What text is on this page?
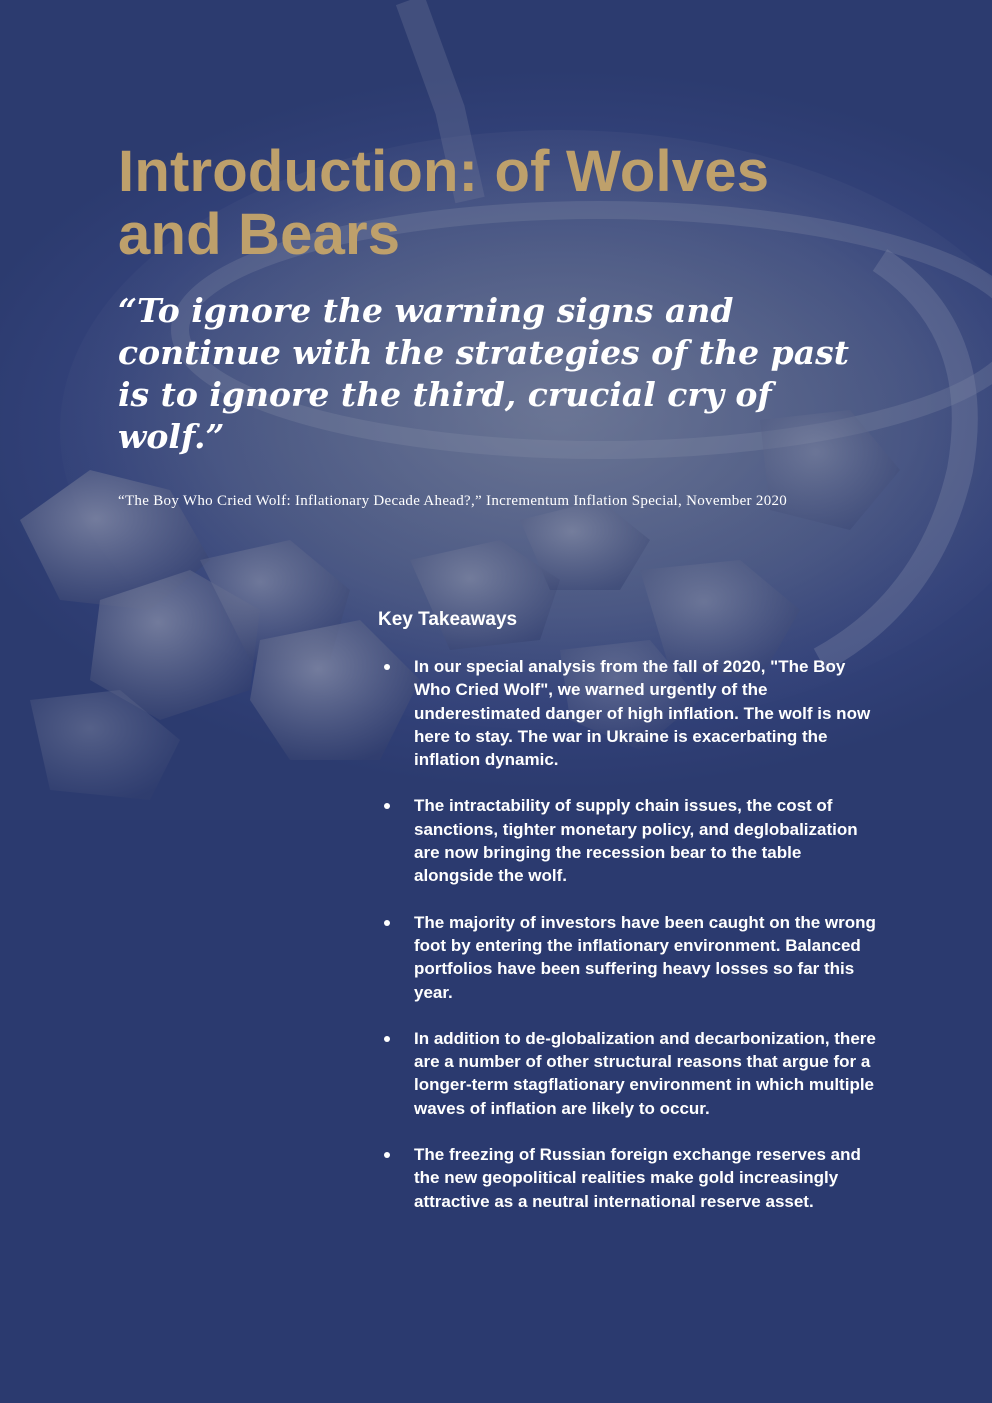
Introduction: of Wolves and Bears

“To ignore the warning signs and continue with the strategies of the past is to ignore the third, crucial cry of wolf.”

“The Boy Who Cried Wolf: Inflationary Decade Ahead?,” Incrementum Inflation Special, November 2020

Key Takeaways
In our special analysis from the fall of 2020, "The Boy Who Cried Wolf", we warned urgently of the underestimated danger of high inflation. The wolf is now here to stay. The war in Ukraine is exacerbating the inflation dynamic.
The intractability of supply chain issues, the cost of sanctions, tighter monetary policy, and deglobalization are now bringing the recession bear to the table alongside the wolf.
The majority of investors have been caught on the wrong foot by entering the inflationary environment. Balanced portfolios have been suffering heavy losses so far this year.
In addition to de-globalization and decarbonization, there are a number of other structural reasons that argue for a longer-term stagflationary environment in which multiple waves of inflation are likely to occur.
The freezing of Russian foreign exchange reserves and the new geopolitical realities make gold increasingly attractive as a neutral international reserve asset.
